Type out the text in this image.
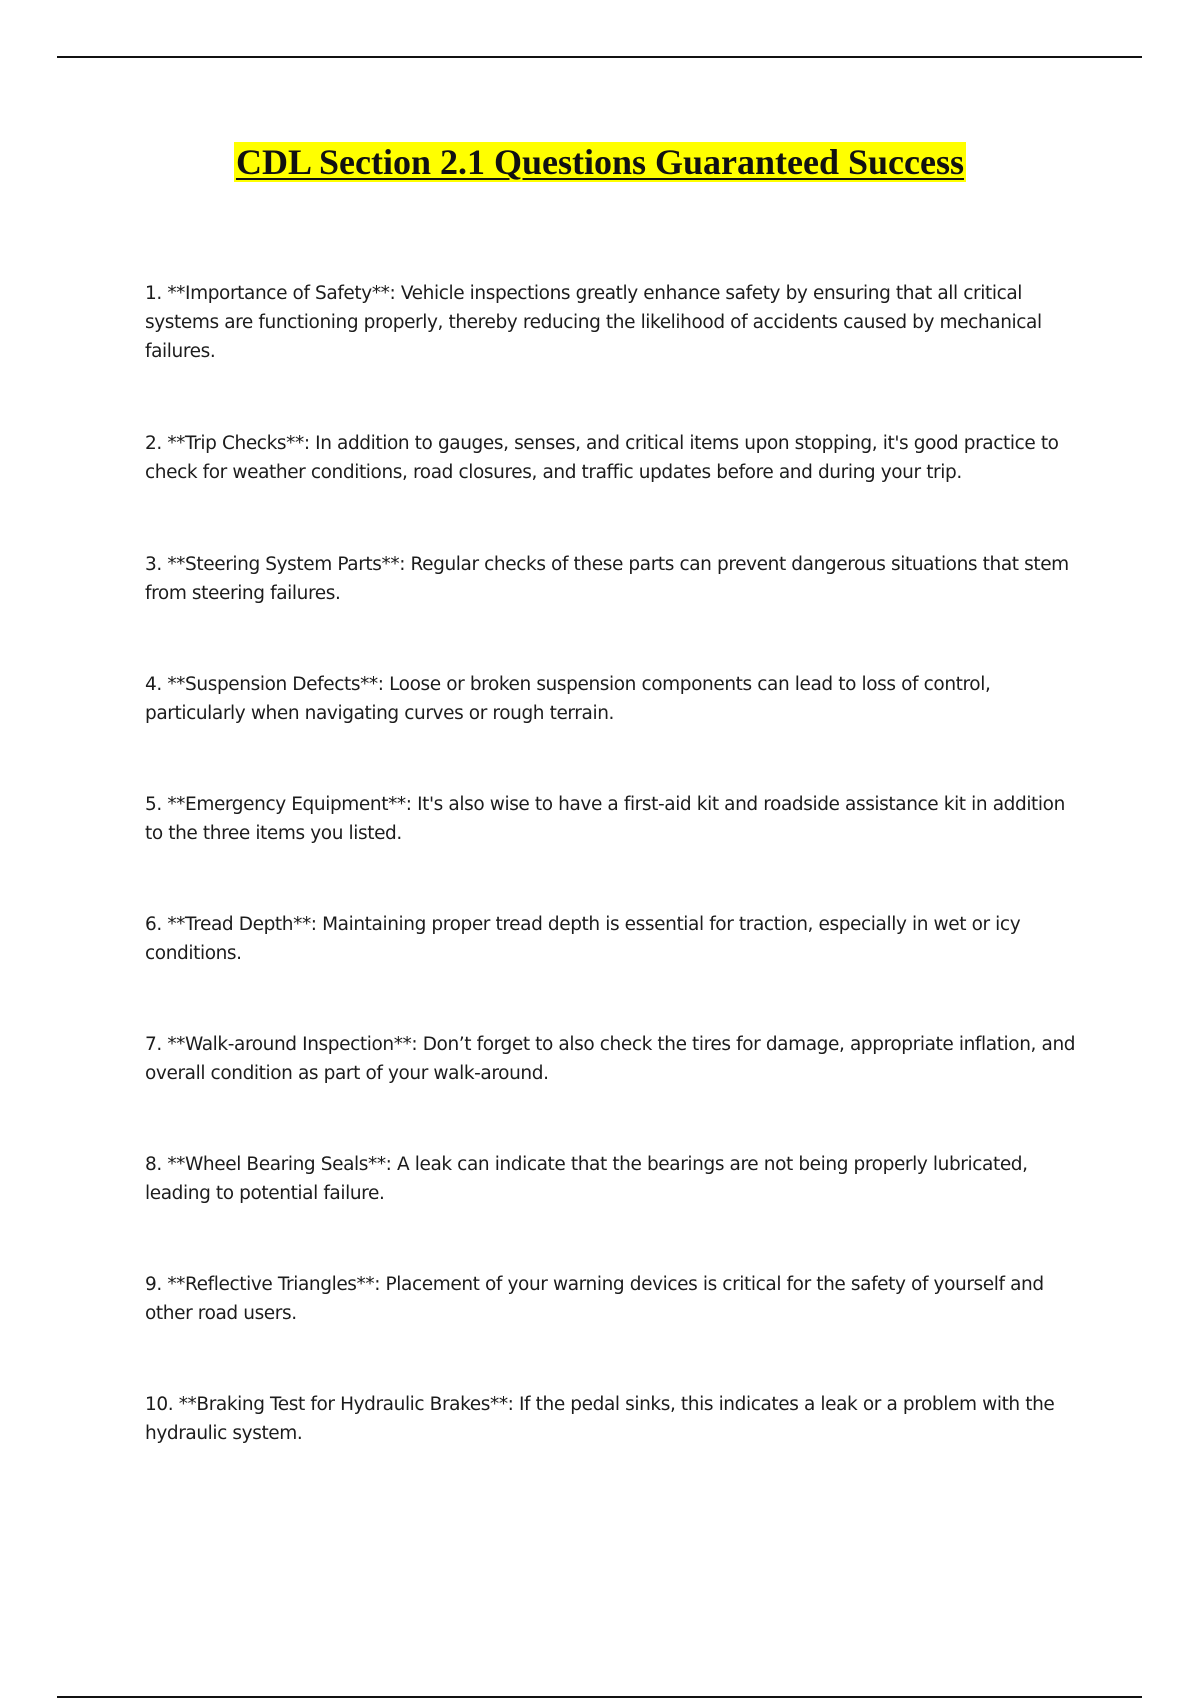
CDL Section 2.1 Questions Guaranteed Success
1. **Importance of Safety**: Vehicle inspections greatly enhance safety by ensuring that all critical systems are functioning properly, thereby reducing the likelihood of accidents caused by mechanical failures.
2. **Trip Checks**: In addition to gauges, senses, and critical items upon stopping, it's good practice to check for weather conditions, road closures, and traffic updates before and during your trip.
3. **Steering System Parts**: Regular checks of these parts can prevent dangerous situations that stem from steering failures.
4. **Suspension Defects**: Loose or broken suspension components can lead to loss of control, particularly when navigating curves or rough terrain.
5. **Emergency Equipment**: It's also wise to have a first-aid kit and roadside assistance kit in addition to the three items you listed.
6. **Tread Depth**: Maintaining proper tread depth is essential for traction, especially in wet or icy conditions.
7. **Walk-around Inspection**: Don’t forget to also check the tires for damage, appropriate inflation, and overall condition as part of your walk-around.
8. **Wheel Bearing Seals**: A leak can indicate that the bearings are not being properly lubricated, leading to potential failure.
9. **Reflective Triangles**: Placement of your warning devices is critical for the safety of yourself and other road users.
10. **Braking Test for Hydraulic Brakes**: If the pedal sinks, this indicates a leak or a problem with the hydraulic system.
